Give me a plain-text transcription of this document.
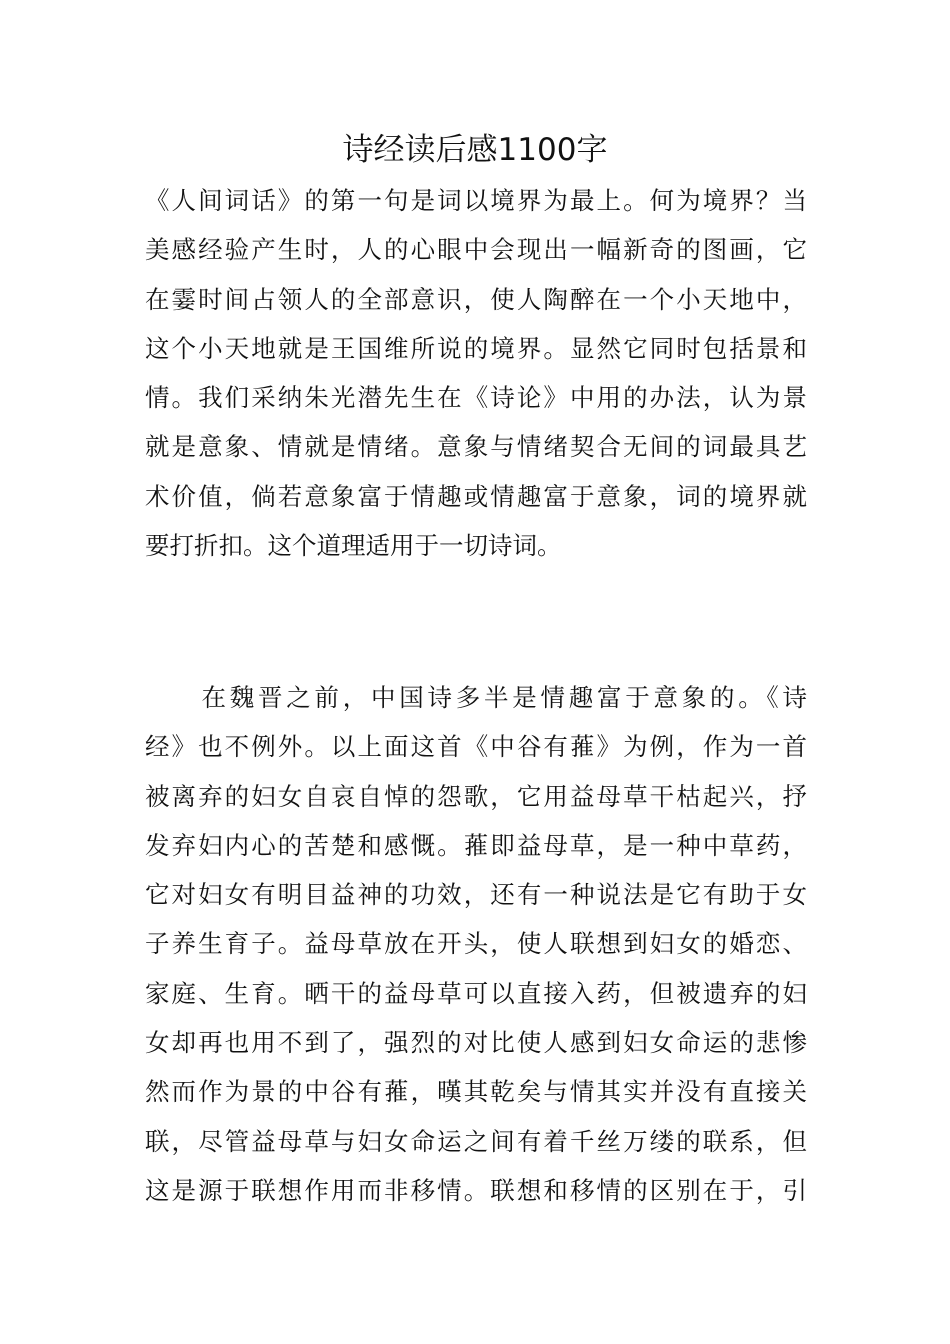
诗经读后感1100字
《人间词话》的第一句是词以境界为最上。何为境界？当
美感经验产生时，人的心眼中会现出一幅新奇的图画，它
在霎时间占领人的全部意识，使人陶醉在一个小天地中，
这个小天地就是王国维所说的境界。显然它同时包括景和
情。我们采纳朱光潜先生在《诗论》中用的办法，认为景
就是意象、情就是情绪。意象与情绪契合无间的词最具艺
术价值，倘若意象富于情趣或情趣富于意象，词的境界就
要打折扣。这个道理适用于一切诗词。
　　在魏晋之前，中国诗多半是情趣富于意象的。《诗
经》也不例外。以上面这首《中谷有蓷》为例，作为一首
被离弃的妇女自哀自悼的怨歌，它用益母草干枯起兴，抒
发弃妇内心的苦楚和感慨。蓷即益母草，是一种中草药，
它对妇女有明目益神的功效，还有一种说法是它有助于女
子养生育子。益母草放在开头，使人联想到妇女的婚恋、
家庭、生育。晒干的益母草可以直接入药，但被遗弃的妇
女却再也用不到了，强烈的对比使人感到妇女命运的悲惨
然而作为景的中谷有蓷，暵其乾矣与情其实并没有直接关
联，尽管益母草与妇女命运之间有着千丝万缕的联系，但
这是源于联想作用而非移情。联想和移情的区别在于，引
